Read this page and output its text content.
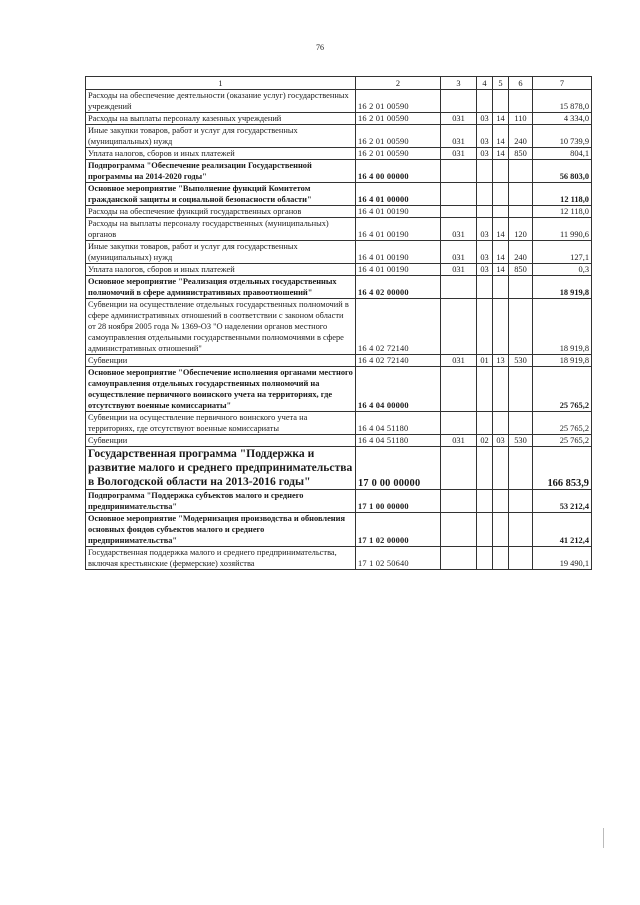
76
1	2	3	4	5	6	7
Расходы на обеспечение деятельности (оказание услуг) государственных учреждений	16 2 01 00590					15 878,0
Расходы на выплаты персоналу казенных учреждений	16 2 01 00590	031	03	14	110	4 334,0
Иные закупки товаров, работ и услуг для государственных (муниципальных) нужд	16 2 01 00590	031	03	14	240	10 739,9
Уплата налогов, сборов и иных платежей	16 2 01 00590	031	03	14	850	804,1
Подпрограмма "Обеспечение реализации Государственной программы на 2014-2020 годы"	16 4 00 00000					56 803,0
Основное мероприятие "Выполнение функций Комитетом гражданской защиты и социальной безопасности области"	16 4 01 00000					12 118,0
Расходы на обеспечение функций государственных органов	16 4 01 00190					12 118,0
Расходы на выплаты персоналу государственных (муниципальных) органов	16 4 01 00190	031	03	14	120	11 990,6
Иные закупки товаров, работ и услуг для государственных (муниципальных) нужд	16 4 01 00190	031	03	14	240	127,1
Уплата налогов, сборов и иных платежей	16 4 01 00190	031	03	14	850	0,3
Основное мероприятие "Реализация отдельных государственных полномочий в сфере административных правоотношений"	16 4 02 00000					18 919,8
Субвенции на осуществление отдельных государственных полномочий в сфере административных отношений в соответствии с законом области от 28 ноября 2005 года № 1369-ОЗ "О наделении органов местного самоуправления отдельными государственными полномочиями в сфере административных отношений"	16 4 02 72140					18 919,8
Субвенции	16 4 02 72140	031	01	13	530	18 919,8
Основное мероприятие "Обеспечение исполнения органами местного самоуправления отдельных государственных полномочий на осуществление первичного воинского учета на территориях, где отсутствуют военные комиссариаты"	16 4 04 00000					25 765,2
Субвенции на осуществление первичного воинского учета на территориях, где отсутствуют военные комиссариаты	16 4 04 51180					25 765,2
Субвенции	16 4 04 51180	031	02	03	530	25 765,2
Государственная программа "Поддержка и развитие малого и среднего предпринимательства в Вологодской области на 2013-2016 годы"	17 0 00 00000					166 853,9
Подпрограмма "Поддержка субъектов малого и среднего предпринимательства"	17 1 00 00000					53 212,4
Основное мероприятие "Модернизация производства и обновления основных фондов субъектов малого и среднего предпринимательства"	17 1 02 00000					41 212,4
Государственная поддержка малого и среднего предпринимательства, включая крестьянские (фермерские) хозяйства	17 1 02 50640					19 490,1
